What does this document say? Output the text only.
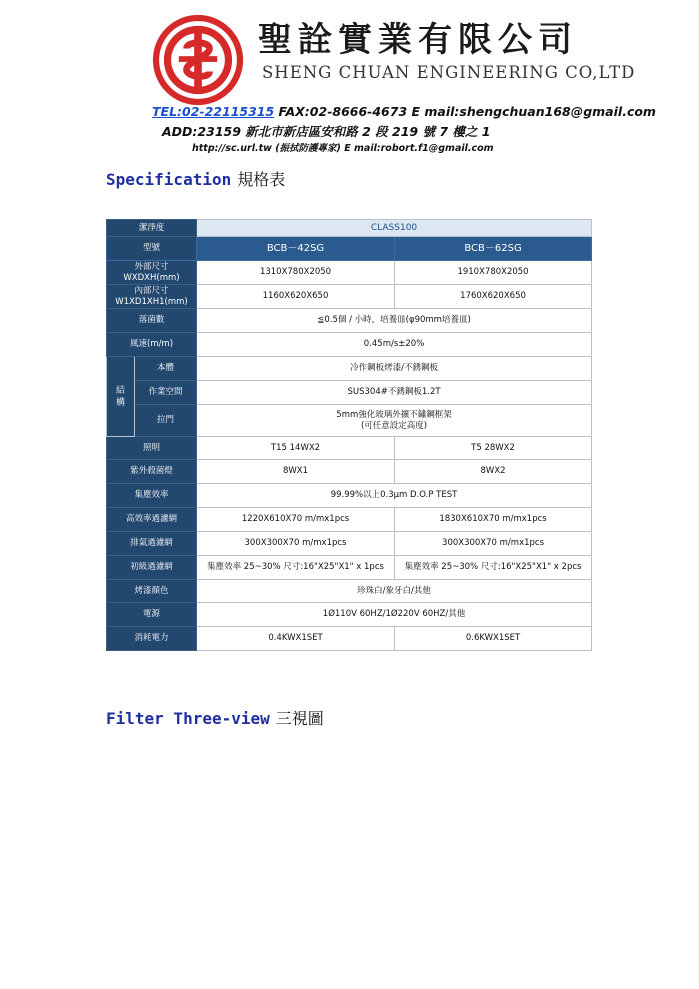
聖詮實業有限公司
SHENG CHUAN ENGINEERING CO,LTD
TEL:02-22115315 FAX:02-8666-4673 E mail:shengchuan168@gmail.com
ADD:23159 新北市新店區安和路 2 段 219 號 7 樓之 1
http://sc.url.tw (振拭防護專家) E mail:robort.f1@gmail.com
Specification 規格表
潔淨度		CLASS100	
型號		BCB－42SG	BCB－62SG
外部尺寸
WXDXH(mm)		1310X780X2050	1910X780X2050
內部尺寸
W1XD1XH1(mm)		1160X620X650	1760X620X650
落菌數		≦0.5個 / 小時，培養皿(φ90mm培養皿)	
風速(m/m)		0.45m/s±20%	
結
構	本體	冷作鋼板烤漆/不銹鋼板	
	作業空間	SUS304#不銹鋼板1.2T	
	拉門	5mm強化玻璃外擴不鏽鋼框架
(可任意設定高度)	
照明		T15 14WX2	T5 28WX2
紫外殺菌燈		8WX1	8WX2
集塵效率		99.99%以上0.3μm D.O.P TEST	
高效率過濾網		1220X610X70 m/mx1pcs	1830X610X70 m/mx1pcs
排氣過濾網		300X300X70 m/mx1pcs	300X300X70 m/mx1pcs
初級過濾網		集塵效率 25~30% 尺寸:16"X25"X1" x 1pcs	集塵效率 25~30% 尺寸:16"X25"X1" x 2pcs
烤漆顏色		珍珠白/象牙白/其他	
電源		1Ø110V 60HZ/1Ø220V 60HZ/其他	
消耗電力		0.4KWX1SET	0.6KWX1SET
Filter Three-view 三視圖
